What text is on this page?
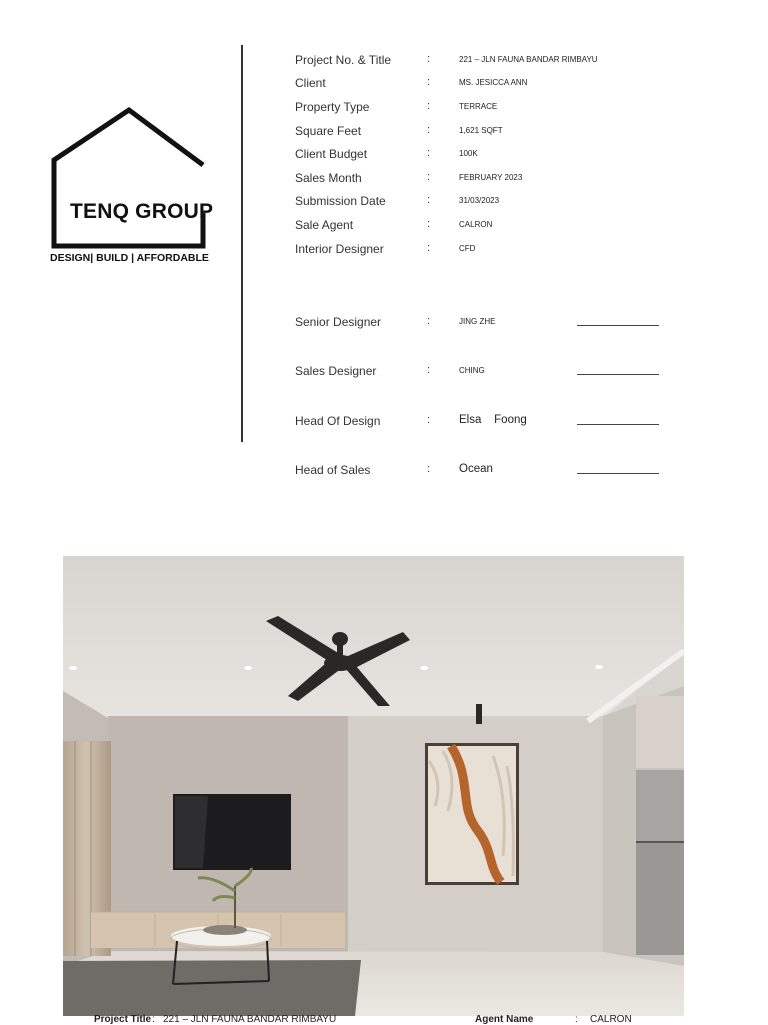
TENQ GROUP
DESIGN| BUILD | AFFORDABLE
Project No. & Title	:	221 – JLN FAUNA BANDAR RIMBAYU
Client	:	MS. JESICCA ANN
Property Type	:	TERRACE
Square Feet	:	1,621 SQFT
Client Budget	:	100K
Sales Month	:	FEBRUARY 2023
Submission Date	:	31/03/2023
Sale Agent	:	CALRON
Interior Designer	:	CFD
Senior Designer	:	JING ZHE
Sales Designer	:	CHING
Head Of Design	:	Elsa    Foong
Head of Sales	:	Ocean
Project Title : 221 – JLN FAUNA BANDAR RIMBAYU	Agent Name	: CALRON
